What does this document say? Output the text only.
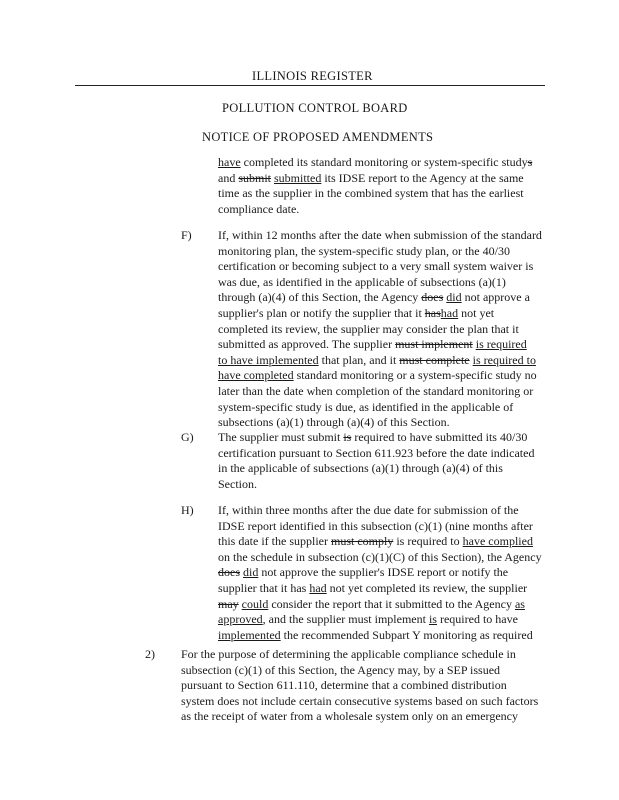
ILLINOIS REGISTER
POLLUTION CONTROL BOARD
NOTICE OF PROPOSED AMENDMENTS
have completed its standard monitoring or system-specific studys
and submit submitted its IDSE report to the Agency at the same
time as the supplier in the combined system that has the earliest
compliance date.
F) If, within 12 months after the date when submission of the standard
monitoring plan, the system-specific study plan, or the 40/30
certification or becoming subject to a very small system waiver is
was due, as identified in the applicable of subsections (a)(1)
through (a)(4) of this Section, the Agency does did not approve a
supplier's plan or notify the supplier that it hashad not yet
completed its review, the supplier may consider the plan that it
submitted as approved. The supplier must implement is required
to have implemented that plan, and it must complete is required to
have completed standard monitoring or a system-specific study no
later than the date when completion of the standard monitoring or
system-specific study is due, as identified in the applicable of
subsections (a)(1) through (a)(4) of this Section.
G) The supplier must submit is required to have submitted its 40/30
certification pursuant to Section 611.923 before the date indicated
in the applicable of subsections (a)(1) through (a)(4) of this
Section.
H) If, within three months after the due date for submission of the
IDSE report identified in this subsection (c)(1) (nine months after
this date if the supplier must comply is required to have complied
on the schedule in subsection (c)(1)(C) of this Section), the Agency
does did not approve the supplier's IDSE report or notify the
supplier that it has had not yet completed its review, the supplier
may could consider the report that it submitted to the Agency as
approved, and the supplier must implement is required to have
implemented the recommended Subpart Y monitoring as required
2) For the purpose of determining the applicable compliance schedule in
subsection (c)(1) of this Section, the Agency may, by a SEP issued
pursuant to Section 611.110, determine that a combined distribution
system does not include certain consecutive systems based on such factors
as the receipt of water from a wholesale system only on an emergency
